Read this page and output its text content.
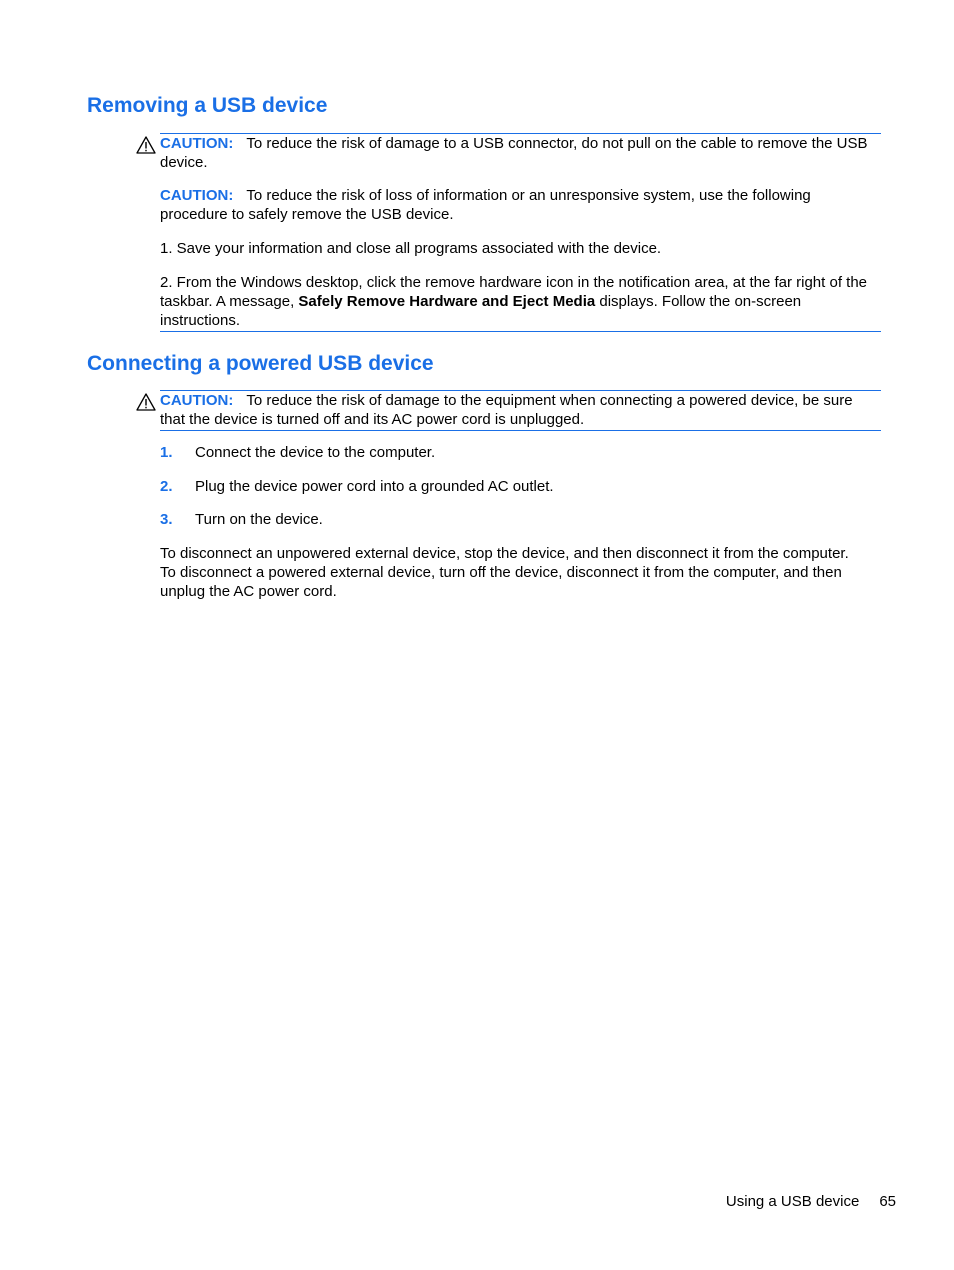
Removing a USB device

CAUTION: To reduce the risk of damage to a USB connector, do not pull on the cable to remove the USB device.

CAUTION: To reduce the risk of loss of information or an unresponsive system, use the following procedure to safely remove the USB device.

1. Save your information and close all programs associated with the device.

2. From the Windows desktop, click the remove hardware icon in the notification area, at the far right of the taskbar. A message, Safely Remove Hardware and Eject Media displays. Follow the on-screen instructions.

Connecting a powered USB device

CAUTION: To reduce the risk of damage to the equipment when connecting a powered device, be sure that the device is turned off and its AC power cord is unplugged.

1. Connect the device to the computer.
2. Plug the device power cord into a grounded AC outlet.
3. Turn on the device.

To disconnect an unpowered external device, stop the device, and then disconnect it from the computer. To disconnect a powered external device, turn off the device, disconnect it from the computer, and then unplug the AC power cord.

Using a USB device 65
